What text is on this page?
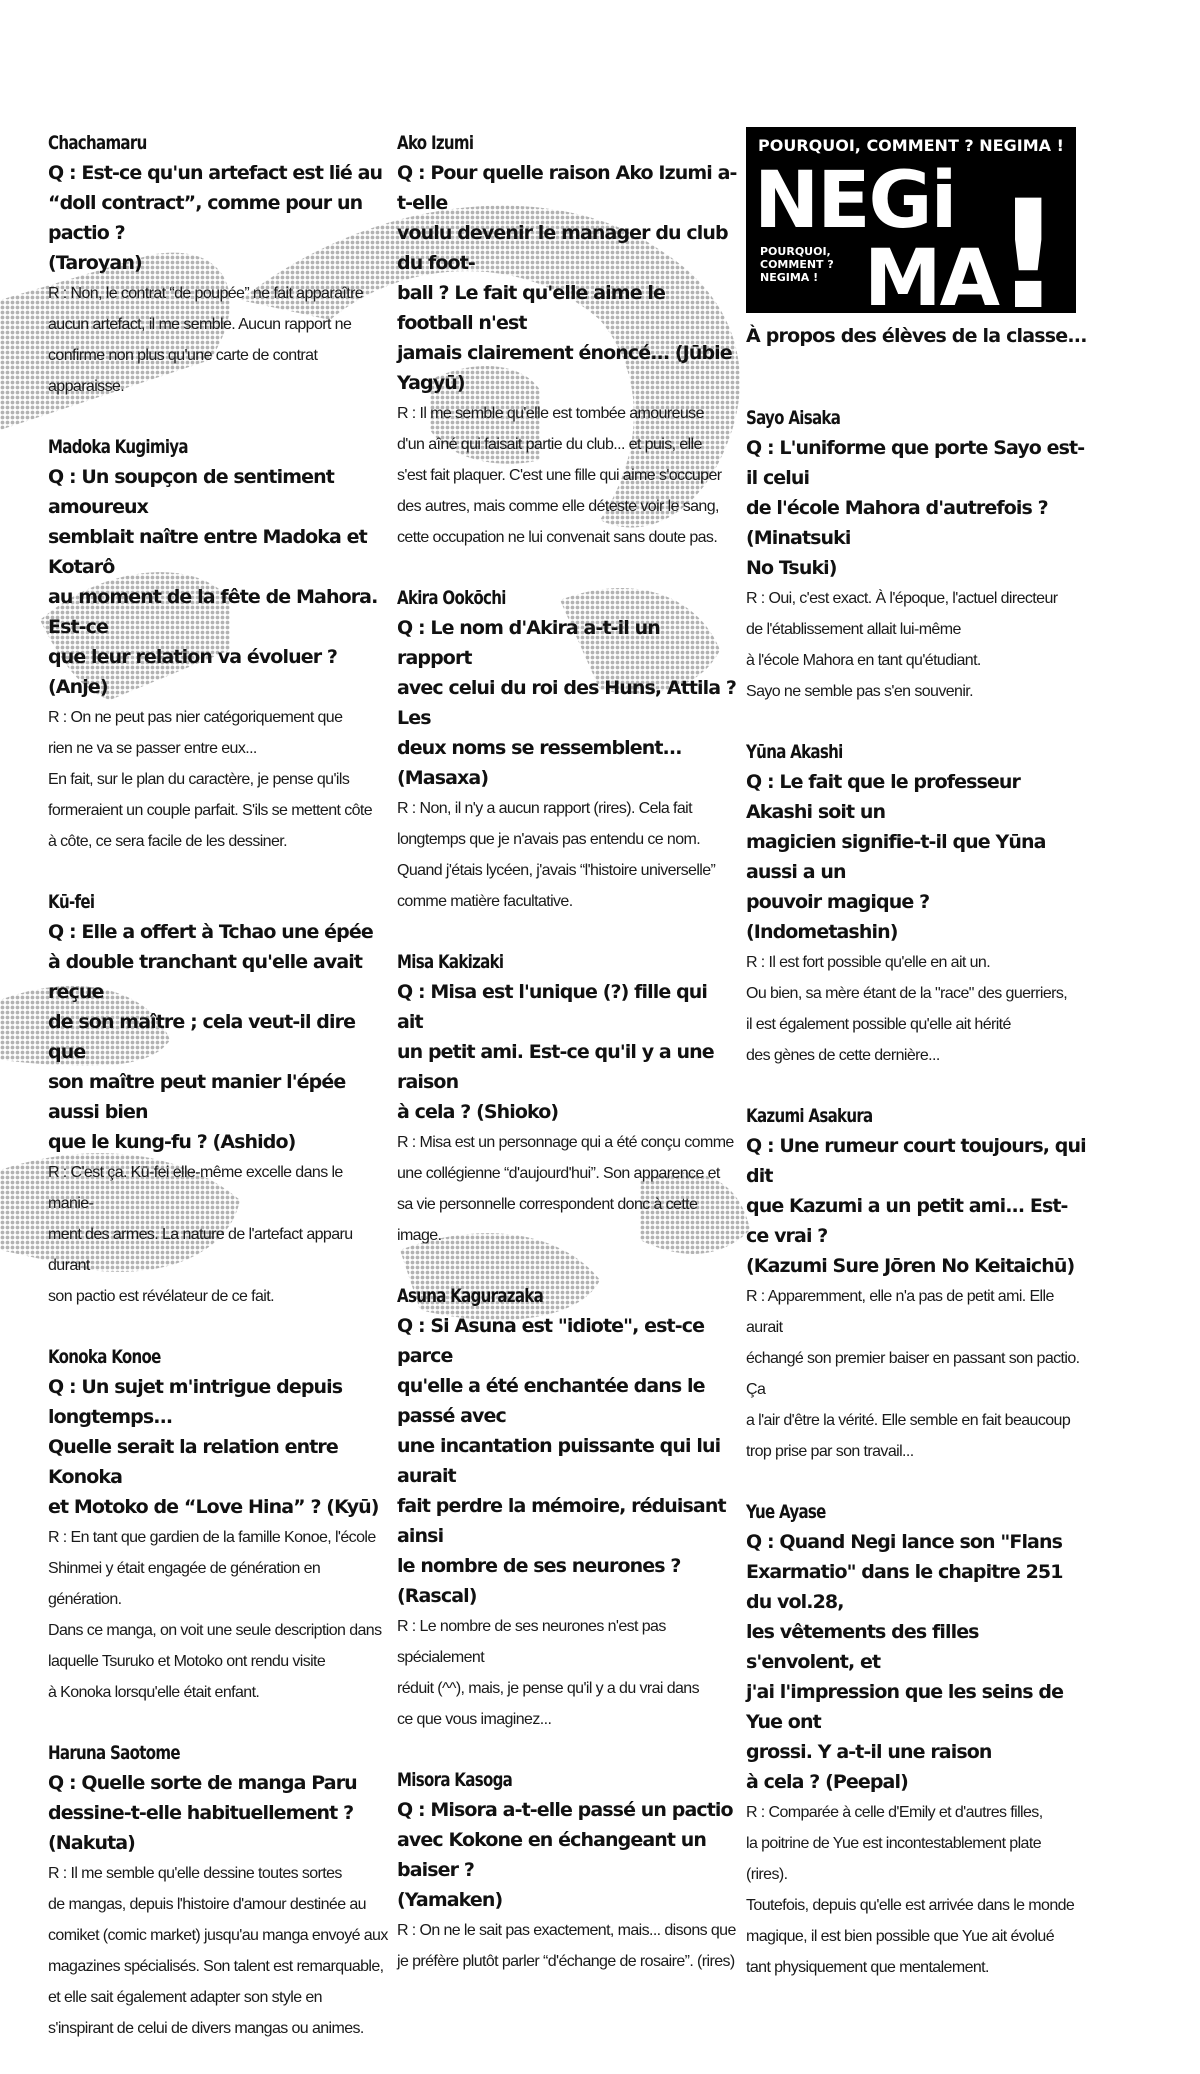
POURQUOI, COMMENT ? NEGIMA !
NEGi
MA
!
POURQUOI,
COMMENT ?
NEGIMA !
À propos des élèves de la classe...
Chachamaru
Q : Est-ce qu'un artefact est lié au
“doll contract”, comme pour un pactio ?
(Taroyan)
R : Non, le contrat “de poupée” ne fait apparaître
aucun artefact, il me semble. Aucun rapport ne
confirme non plus qu'une carte de contrat apparaisse.
Madoka Kugimiya
Q : Un soupçon de sentiment amoureux
semblait naître entre Madoka et Kotarô
au moment de la fête de Mahora. Est-ce
que leur relation va évoluer ? (Anje)
R : On ne peut pas nier catégoriquement que
rien ne va se passer entre eux...
En fait, sur le plan du caractère, je pense qu'ils
formeraient un couple parfait. S'ils se mettent côte
à côte, ce sera facile de les dessiner.
Kū-fei
Q : Elle a offert à Tchao une épée
à double tranchant qu'elle avait reçue
de son maître ; cela veut-il dire que
son maître peut manier l'épée aussi bien
que le kung-fu ? (Ashido)
R : C'est ça. Kū-fei elle-même excelle dans le manie-
ment des armes. La nature de l'artefact apparu durant
son pactio est révélateur de ce fait.
Konoka Konoe
Q : Un sujet m'intrigue depuis longtemps...
Quelle serait la relation entre Konoka
et Motoko de “Love Hina” ? (Kyū)
R : En tant que gardien de la famille Konoe, l'école
Shinmei y était engagée de génération en génération.
Dans ce manga, on voit une seule description dans
laquelle Tsuruko et Motoko ont rendu visite
à Konoka lorsqu'elle était enfant.
Haruna Saotome
Q : Quelle sorte de manga Paru
dessine-t-elle habituellement ? (Nakuta)
R : Il me semble qu'elle dessine toutes sortes
de mangas, depuis l'histoire d'amour destinée au
comiket (comic market) jusqu'au manga envoyé aux
magazines spécialisés. Son talent est remarquable,
et elle sait également adapter son style en
s'inspirant de celui de divers mangas ou animes.
Ako Izumi
Q : Pour quelle raison Ako Izumi a-t-elle
voulu devenir le manager du club du foot-
ball ? Le fait qu'elle aime le football n'est
jamais clairement énoncé... (Jūbie Yagyū)
R : Il me semble qu'elle est tombée amoureuse
d'un aîné qui faisait partie du club... et puis, elle
s'est fait plaquer. C'est une fille qui aime s'occuper
des autres, mais comme elle déteste voir le sang,
cette occupation ne lui convenait sans doute pas.
Akira Ookōchi
Q : Le nom d'Akira a-t-il un rapport
avec celui du roi des Huns, Attila ? Les
deux noms se ressemblent... (Masaxa)
R : Non, il n'y a aucun rapport (rires). Cela fait
longtemps que je n'avais pas entendu ce nom.
Quand j'étais lycéen, j'avais “l'histoire universelle”
comme matière facultative.
Misa Kakizaki
Q : Misa est l'unique (?) fille qui ait
un petit ami. Est-ce qu'il y a une raison
à cela ? (Shioko)
R : Misa est un personnage qui a été conçu comme
une collégienne “d'aujourd'hui”. Son apparence et
sa vie personnelle correspondent donc à cette image.
Asuna Kagurazaka
Q : Si Asuna est "idiote", est-ce parce
qu'elle a été enchantée dans le passé avec
une incantation puissante qui lui aurait
fait perdre la mémoire, réduisant ainsi
le nombre de ses neurones ? (Rascal)
R : Le nombre de ses neurones n'est pas spécialement
réduit (^^), mais, je pense qu'il y a du vrai dans
ce que vous imaginez...
Misora Kasoga
Q : Misora a-t-elle passé un pactio
avec Kokone en échangeant un baiser ?
(Yamaken)
R : On ne le sait pas exactement, mais... disons que
je préfère plutôt parler “d'échange de rosaire”. (rires)
Sayo Aisaka
Q : L'uniforme que porte Sayo est-il celui
de l'école Mahora d'autrefois ? (Minatsuki
No Tsuki)
R : Oui, c'est exact. À l'époque, l'actuel directeur
de l'établissement allait lui-même
à l'école Mahora en tant qu'étudiant.
Sayo ne semble pas s'en souvenir.
Yūna Akashi
Q : Le fait que le professeur Akashi soit un
magicien signifie-t-il que Yūna aussi a un
pouvoir magique ? (Indometashin)
R : Il est fort possible qu'elle en ait un.
Ou bien, sa mère étant de la "race" des guerriers,
il est également possible qu'elle ait hérité
des gènes de cette dernière...
Kazumi Asakura
Q : Une rumeur court toujours, qui dit
que Kazumi a un petit ami... Est-ce vrai ?
(Kazumi Sure Jōren No Keitaichū)
R : Apparemment, elle n'a pas de petit ami. Elle aurait
échangé son premier baiser en passant son pactio. Ça
a l'air d'être la vérité. Elle semble en fait beaucoup
trop prise par son travail...
Yue Ayase
Q : Quand Negi lance son "Flans
Exarmatio" dans le chapitre 251 du vol.28,
les vêtements des filles s'envolent, et
j'ai l'impression que les seins de Yue ont
grossi. Y a-t-il une raison
à cela ? (Peepal)
R : Comparée à celle d'Emily et d'autres filles,
la poitrine de Yue est incontestablement plate (rires).
Toutefois, depuis qu'elle est arrivée dans le monde
magique, il est bien possible que Yue ait évolué
tant physiquement que mentalement.
